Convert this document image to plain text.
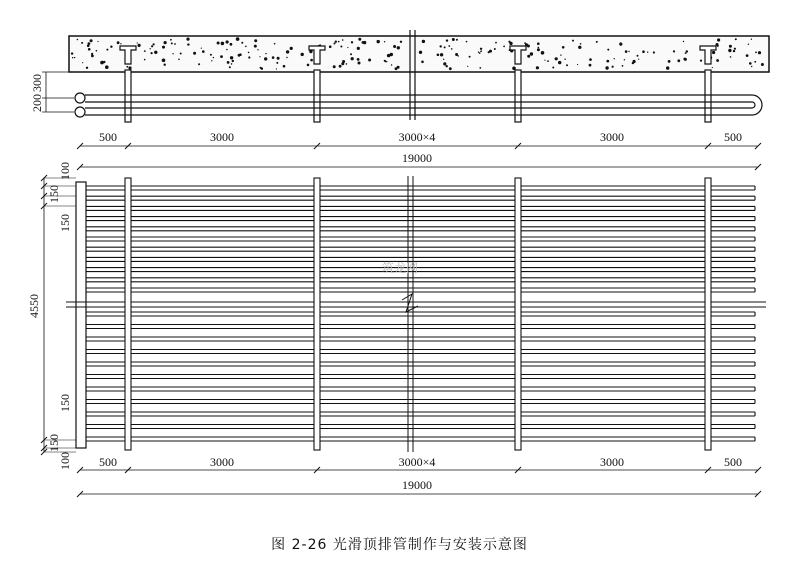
200
300
500	3000	3000×4	3000	500
19000
4550
100
150
150
150
150
100 500	3000	3000×4	3000	500
19000
筑龙网
图 2-26 光滑顶排管制作与安装示意图
